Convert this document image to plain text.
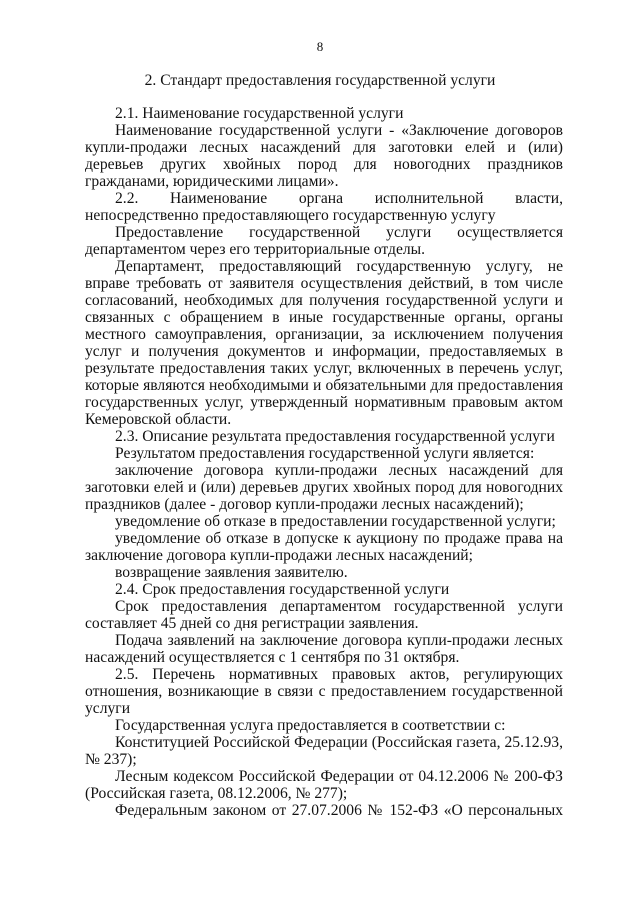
8
2. Стандарт предоставления государственной услуги

2.1. Наименование государственной услуги

Наименование государственной услуги - «Заключение договоров купли-продажи лесных насаждений для заготовки елей и (или) деревьев других хвойных пород для новогодних праздников гражданами, юридическими лицами».

2.2. Наименование органа исполнительной власти, непосредственно предоставляющего государственную услугу

Предоставление государственной услуги осуществляется департаментом через его территориальные отделы.

Департамент, предоставляющий государственную услугу, не вправе требовать от заявителя осуществления действий, в том числе согласований, необходимых для получения государственной услуги и связанных с обращением в иные государственные органы, органы местного самоуправления, организации, за исключением получения услуг и получения документов и информации, предоставляемых в результате предоставления таких услуг, включенных в перечень услуг, которые являются необходимыми и обязательными для предоставления государственных услуг, утвержденный нормативным правовым актом Кемеровской области.

2.3. Описание результата предоставления государственной услуги

Результатом предоставления государственной услуги является:

заключение договора купли-продажи лесных насаждений для заготовки елей и (или) деревьев других хвойных пород для новогодних праздников (далее - договор купли-продажи лесных насаждений);

уведомление об отказе в предоставлении государственной услуги;

уведомление об отказе в допуске к аукциону по продаже права на заключение договора купли-продажи лесных насаждений;

возвращение заявления заявителю.

2.4. Срок предоставления государственной услуги

Срок предоставления департаментом государственной услуги составляет 45 дней со дня регистрации заявления.

Подача заявлений на заключение договора купли-продажи лесных насаждений осуществляется с 1 сентября по 31 октября.

2.5. Перечень нормативных правовых актов, регулирующих отношения, возникающие в связи с предоставлением государственной услуги

Государственная услуга предоставляется в соответствии с:

Конституцией Российской Федерации (Российская газета, 25.12.93, № 237);

Лесным кодексом Российской Федерации от 04.12.2006 № 200-ФЗ (Российская газета, 08.12.2006, № 277);

Федеральным законом от 27.07.2006 № 152-ФЗ «О персональных
